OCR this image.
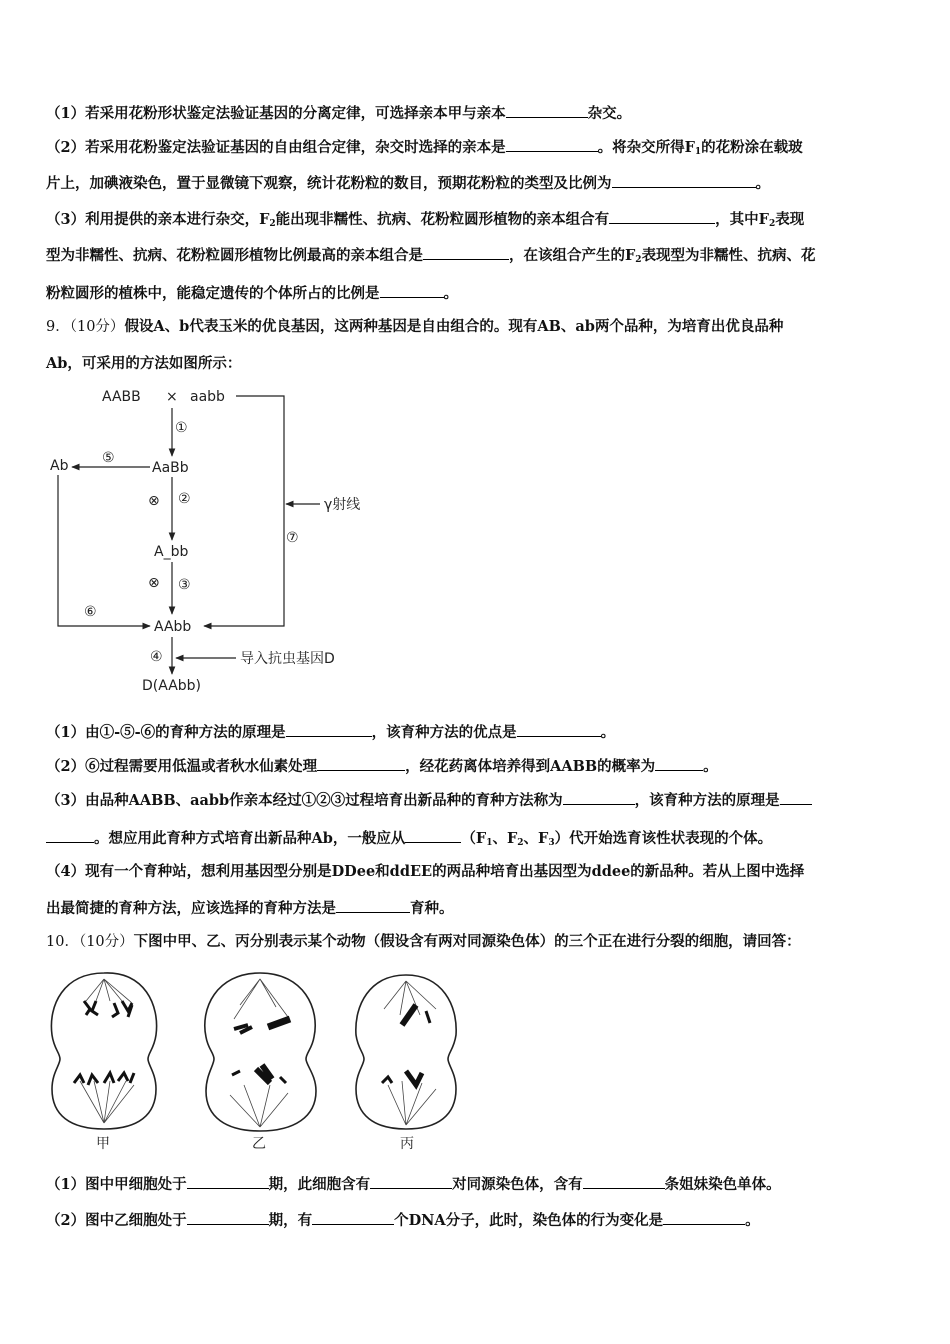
（1）若采用花粉形状鉴定法验证基因的分离定律，可选择亲本甲与亲本	杂交。
（2）若采用花粉鉴定法验证基因的自由组合定律，杂交时选择的亲本是	。将杂交所得$F_1$的花粉涂在载玻
片上，加碘液染色，置于显微镜下观察，统计花粉粒的数目，预期花粉粒的类型及比例为	。
（3）利用提供的亲本进行杂交，$F_2$能出现非糯性、抗病、花粉粒圆形植物的亲本组合有	，其中$F_2$表现
型为非糯性、抗病、花粉粒圆形植物比例最高的亲本组合是	，在该组合产生的$F_2$表现型为非糯性、抗病、花
粉粒圆形的植株中，能稳定遗传的个体所占的比例是	。
9．（10分）假设A、b代表玉米的优良基因，这两种基因是自由组合的。现有AB、ab两个品种，为培育出优良品种
Ab，可采用的方法如图所示：
AABB × aabb
①
AaBb
⑤
Ab
⊗ ②	γ射线
⑦
A_bb
⊗ ③
⑥
AAbb
④	导入抗虫基因D
D(AAbb)
（1）由①-⑤-⑥的育种方法的原理是	，该育种方法的优点是	。
（2）⑥过程需要用低温或者秋水仙素处理	，经花药离体培养得到AABB的概率为	。
（3）由品种AABB、aabb作亲本经过①②③过程培育出新品种的育种方法称为	，该育种方法的原理是
。想应用此育种方式培育出新品种Ab，一般应从	（$F_1$、$F_2$、$F_3$）代开始选育该性状表现的个体。
（4）现有一个育种站，想利用基因型分别是DDee和ddEE的两品种培育出基因型为ddee的新品种。若从上图中选择
出最简捷的育种方法，应该选择的育种方法是	育种。
10．（10分）下图中甲、乙、丙分别表示某个动物（假设含有两对同源染色体）的三个正在进行分裂的细胞，请回答：
甲	乙	丙
（1）图中甲细胞处于	期，此细胞含有	对同源染色体，含有	条姐妹染色单体。
（2）图中乙细胞处于	期，有	个DNA分子，此时，染色体的行为变化是	。
